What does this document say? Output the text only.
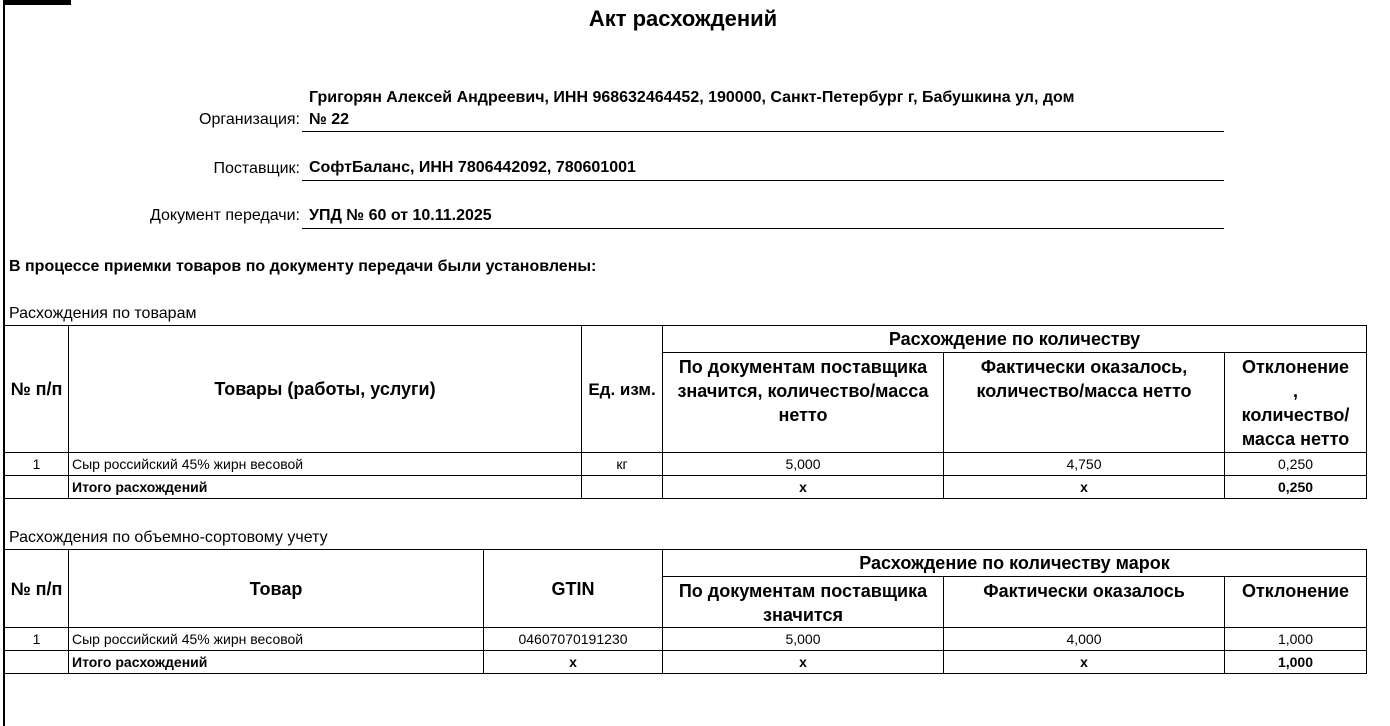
Акт расхождений
Организация:
Григорян Алексей Андреевич, ИНН 968632464452, 190000, Санкт-Петербург г, Бабушкина ул, дом
№ 22
Поставщик: СофтБаланс, ИНН 7806442092, 780601001
Документ передачи: УПД № 60 от 10.11.2025
В процессе приемки товаров по документу передачи были установлены:
Расхождения по товарам
№ п/п	Товары (работы, услуги)	Ед. изм.	Расхождение по количеству		
			По документам поставщика значится, количество/масса нетто	Фактически оказалось, количество/масса нетто	Отклонение
,
количество/
масса нетто

1	Сыр российский 45% жирн весовой	кг	5,000	4,750	0,250
	Итого расхождений		x	x	0,250
Расхождения по объемно-сортовому учету
№ п/п	Товар	GTIN	Расхождение по количеству марок		
			По документам поставщика значится	Фактически оказалось	Отклонение
1	Сыр российский 45% жирн весовой	04607070191230	5,000	4,000	1,000
	Итого расхождений	x	x	x	1,000
